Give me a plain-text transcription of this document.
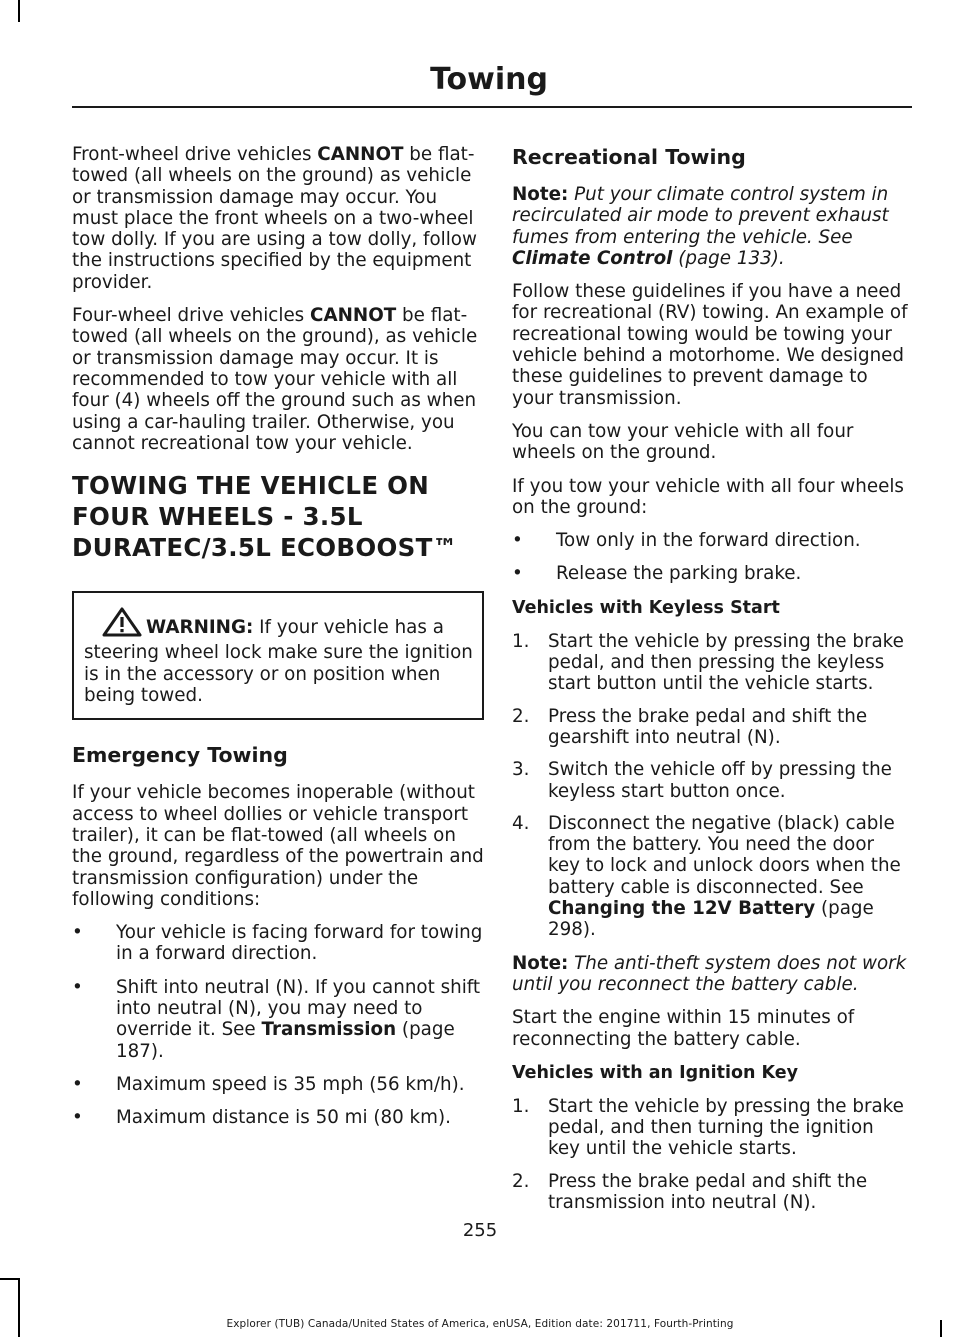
Towing

Front-wheel drive vehicles CANNOT be flat-towed (all wheels on the ground) as vehicle or transmission damage may occur. You must place the front wheels on a two-wheel tow dolly. If you are using a tow dolly, follow the instructions specified by the equipment provider.

Four-wheel drive vehicles CANNOT be flat-towed (all wheels on the ground), as vehicle or transmission damage may occur. It is recommended to tow your vehicle with all four (4) wheels off the ground such as when using a car-hauling trailer. Otherwise, you cannot recreational tow your vehicle.

TOWING THE VEHICLE ON FOUR WHEELS - 3.5L DURATEC/3.5L ECOBOOST™
WARNING: If your vehicle has a steering wheel lock make sure the ignition is in the accessory or on position when being towed.
Emergency Towing

If your vehicle becomes inoperable (without access to wheel dollies or vehicle transport trailer), it can be flat-towed (all wheels on the ground, regardless of the powertrain and transmission configuration) under the following conditions:

• Your vehicle is facing forward for towing in a forward direction.
• Shift into neutral (N). If you cannot shift into neutral (N), you may need to override it. See Transmission (page 187).
• Maximum speed is 35 mph (56 km/h).
• Maximum distance is 50 mi (80 km).
Recreational Towing

Note: Put your climate control system in recirculated air mode to prevent exhaust fumes from entering the vehicle. See Climate Control (page 133).

Follow these guidelines if you have a need for recreational (RV) towing. An example of recreational towing would be towing your vehicle behind a motorhome. We designed these guidelines to prevent damage to your transmission.

You can tow your vehicle with all four wheels on the ground.

If you tow your vehicle with all four wheels on the ground:

• Tow only in the forward direction.
• Release the parking brake.
Vehicles with Keyless Start
1. Start the vehicle by pressing the brake pedal, and then pressing the keyless start button until the vehicle starts.
2. Press the brake pedal and shift the gearshift into neutral (N).
3. Switch the vehicle off by pressing the keyless start button once.
4. Disconnect the negative (black) cable from the battery. You need the door key to lock and unlock doors when the battery cable is disconnected. See Changing the 12V Battery (page 298).

Note: The anti-theft system does not work until you reconnect the battery cable.

Start the engine within 15 minutes of reconnecting the battery cable.

Vehicles with an Ignition Key
1. Start the vehicle by pressing the brake pedal, and then turning the ignition key until the vehicle starts.
2. Press the brake pedal and shift the transmission into neutral (N).
255
Explorer (TUB) Canada/United States of America, enUSA, Edition date: 201711, Fourth-Printing
